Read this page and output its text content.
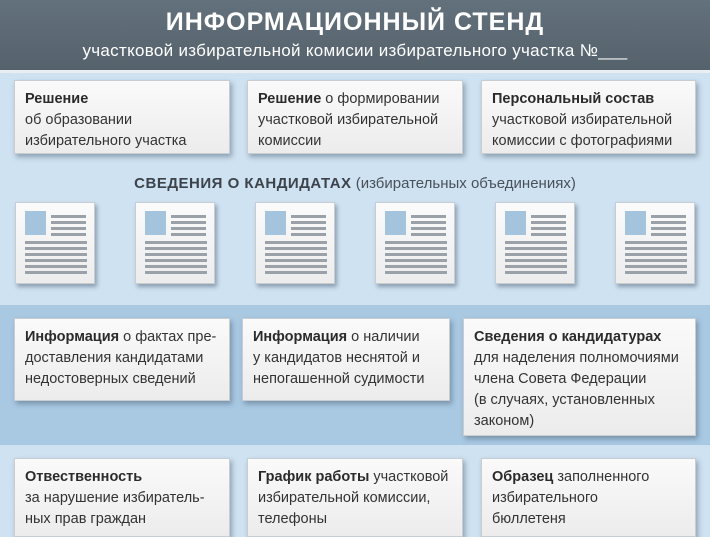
ИНФОРМАЦИОННЫЙ СТЕНД
участковой избирательной комисии избирательного участка №___
Решение
об образовании
избирательного участка
Решение о формировании
участковой избирательной
комиссии
Персональный состав
участковой избирательной
комиссии с фотографиями
СВЕДЕНИЯ О КАНДИДАТАХ (избирательных объединениях)
Информация о фактах пре-
доставления кандидатами
недостоверных сведений
Информация о наличии
у кандидатов неснятой и
непогашенной судимости
Сведения о кандидатурах
для наделения полномочиями
члена Совета Федерации
(в случаях, установленных
законом)
Отвественность
за нарушение избиратель-
ных прав граждан
График работы участковой
избирательной комиссии,
телефоны
Образец заполненного
избирательного
бюллетеня
